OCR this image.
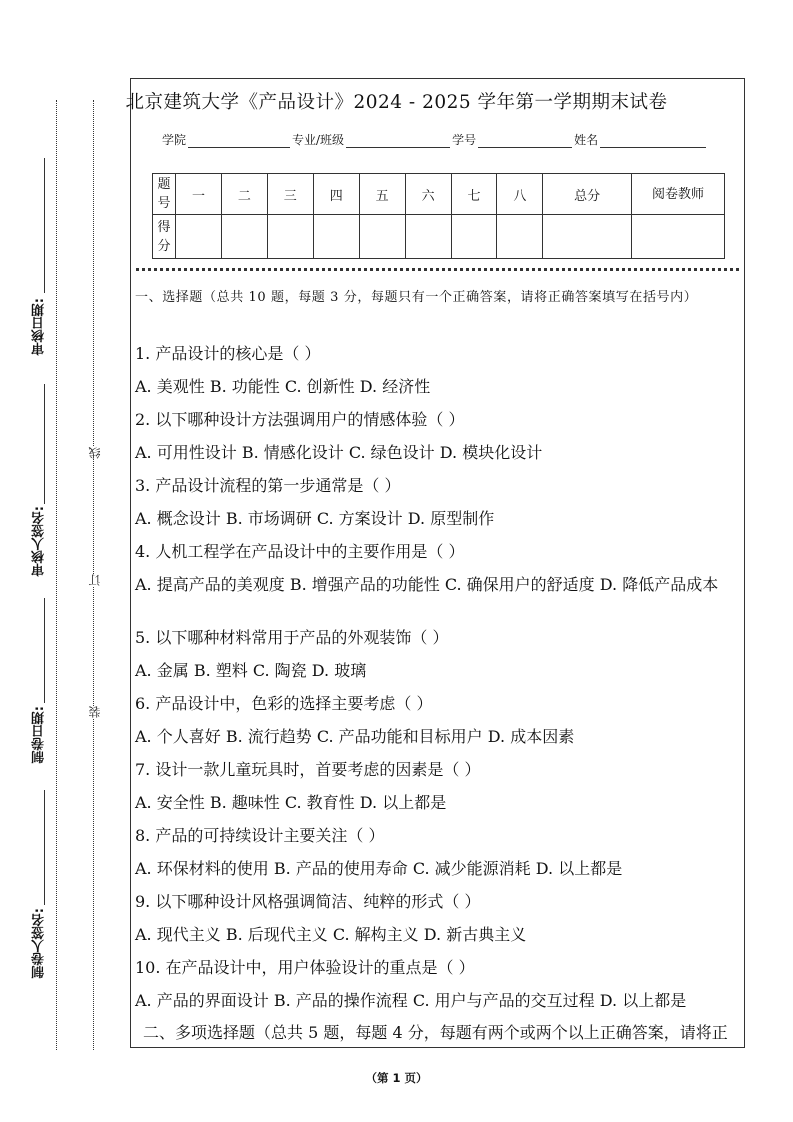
审核日期:
审核人签名:
制卷日期:
制卷人签名:
线
订
装
北京建筑大学《产品设计》2024 - 2025 学年第一学期期末试卷
学院	专业/班级	学号	姓名
题号	一	二	三	四	五	六	七	八	总分	阅卷教师
得分										

一、选择题（总共 10 题，每题 3 分，每题只有一个正确答案，请将正确答案填写在括号内）

1. 产品设计的核心是（ ）
A. 美观性 B. 功能性 C. 创新性 D. 经济性
2. 以下哪种设计方法强调用户的情感体验（ ）
A. 可用性设计 B. 情感化设计 C. 绿色设计 D. 模块化设计
3. 产品设计流程的第一步通常是（ ）
A. 概念设计 B. 市场调研 C. 方案设计 D. 原型制作
4. 人机工程学在产品设计中的主要作用是（ ）
A. 提高产品的美观度 B. 增强产品的功能性 C. 确保用户的舒适度 D. 降低产品成本
5. 以下哪种材料常用于产品的外观装饰（ ）
A. 金属 B. 塑料 C. 陶瓷 D. 玻璃
6. 产品设计中，色彩的选择主要考虑（ ）
A. 个人喜好 B. 流行趋势 C. 产品功能和目标用户 D. 成本因素
7. 设计一款儿童玩具时，首要考虑的因素是（ ）
A. 安全性 B. 趣味性 C. 教育性 D. 以上都是
8. 产品的可持续设计主要关注（ ）
A. 环保材料的使用 B. 产品的使用寿命 C. 减少能源消耗 D. 以上都是
9. 以下哪种设计风格强调简洁、纯粹的形式（ ）
A. 现代主义 B. 后现代主义 C. 解构主义 D. 新古典主义
10. 在产品设计中，用户体验设计的重点是（ ）
A. 产品的界面设计 B. 产品的操作流程 C. 用户与产品的交互过程 D. 以上都是
二、多项选择题（总共 5 题，每题 4 分，每题有两个或两个以上正确答案，请将正
（第 1 页）
